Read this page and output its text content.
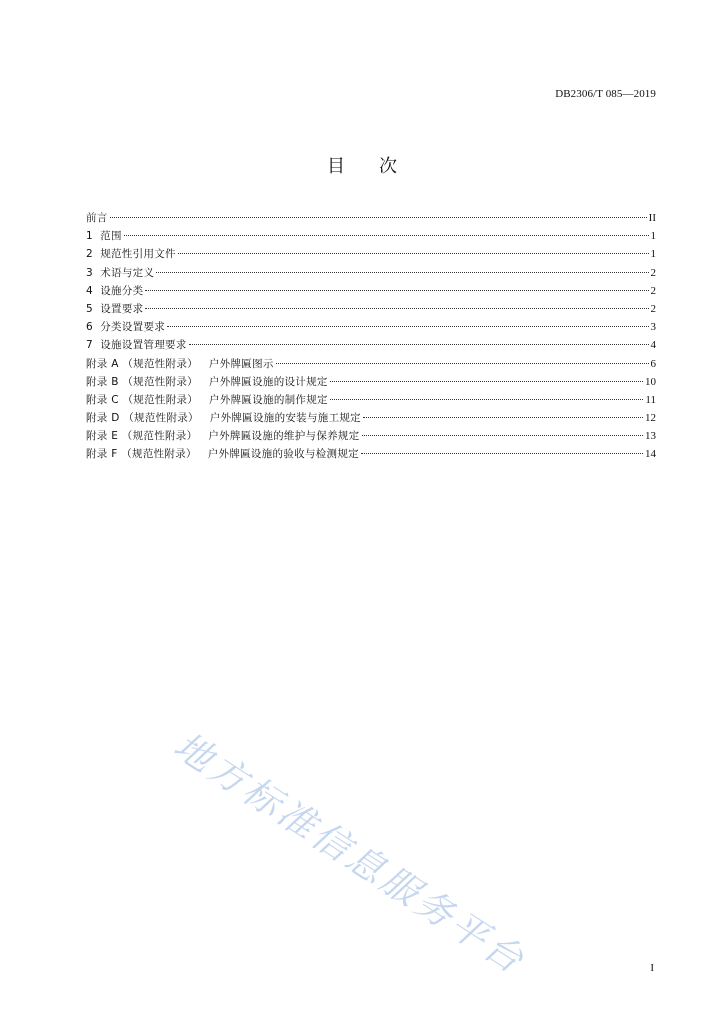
DB2306/T 085—2019
目次
前言	II
1  范围	1
2  规范性引用文件	1
3  术语与定义	2
4  设施分类	2
5  设置要求	2
6  分类设置要求	3
7  设施设置管理要求	4
附录 A （规范性附录）   户外牌匾图示	6
附录 B （规范性附录）   户外牌匾设施的设计规定	10
附录 C （规范性附录）   户外牌匾设施的制作规定	11
附录 D （规范性附录）   户外牌匾设施的安装与施工规定	12
附录 E （规范性附录）   户外牌匾设施的维护与保养规定	13
附录 F （规范性附录）   户外牌匾设施的验收与检测规定	14
地方标准信息服务平台	I
